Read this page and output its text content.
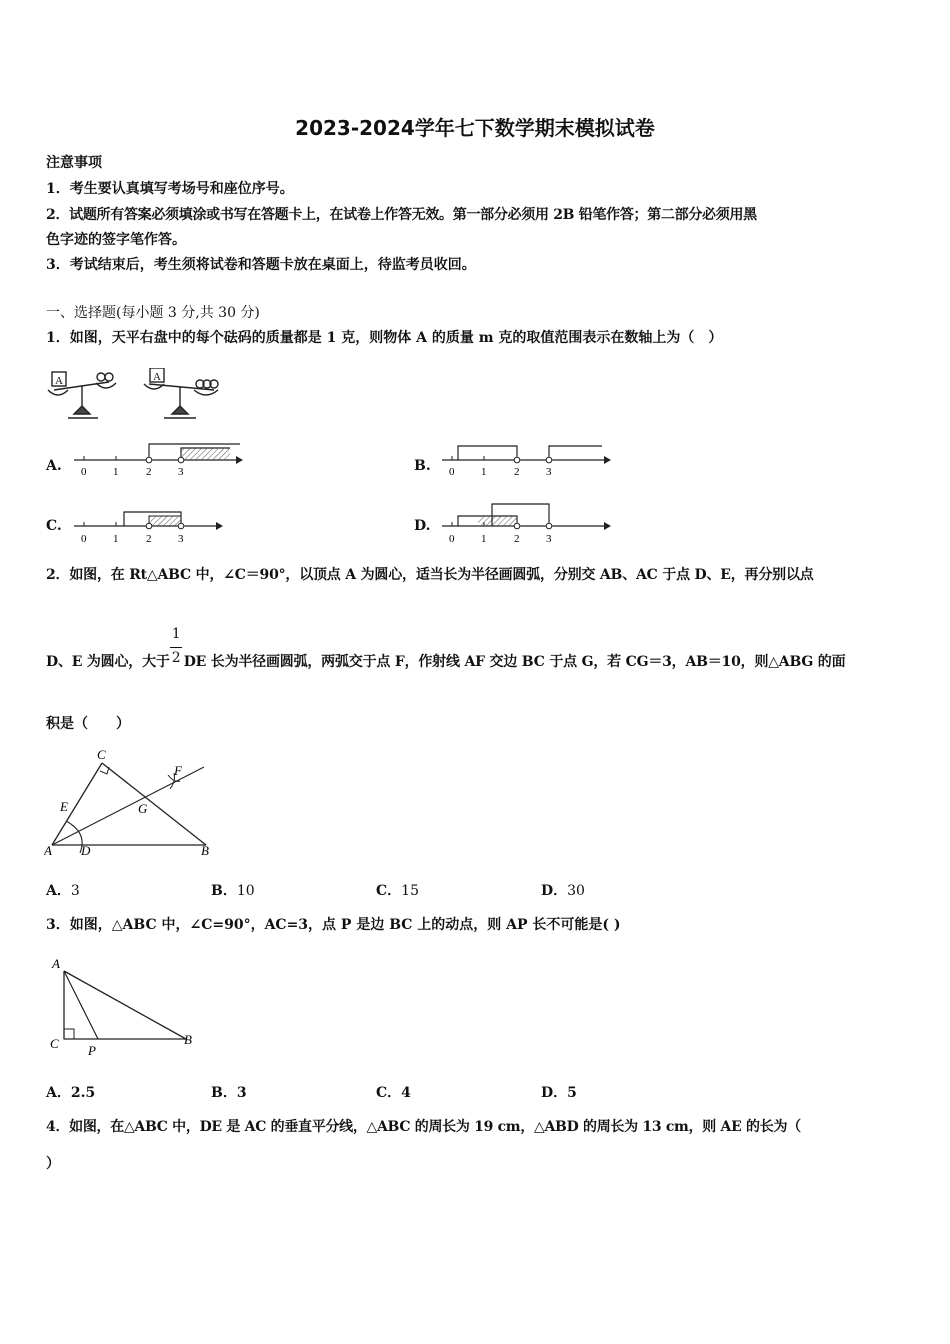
2023-2024学年七下数学期末模拟试卷
注意事项
1．考生要认真填写考场号和座位序号。
2．试题所有答案必须填涂或书写在答题卡上，在试卷上作答无效。第一部分必须用 2B 铅笔作答；第二部分必须用黑
色字迹的签字笔作答。
3．考试结束后，考生须将试卷和答题卡放在桌面上，待监考员收回。
一、选择题(每小题 3 分,共 30 分)
1．如图，天平右盘中的每个砝码的质量都是 1 克，则物体 A 的质量 m 克的取值范围表示在数轴上为（　）
A	A
A.	B.
C.	D.
0 1	2 3	0 1	2 3
0 1	2 3	0 1	2 3
2．如图，在 Rt△ABC 中，∠C＝90°，以顶点 A 为圆心，适当长为半径画圆弧，分别交 AB、AC 于点 D、E，再分别以点
D、E 为圆心，大于 $\frac{1}{2}$ DE 长为半径画圆弧，两弧交于点 F，作射线 AF 交边 BC 于点 G，若 CG＝3，AB＝10，则△ABG 的面
积是（　　）
C
F
E	G
A D	B
A．3	B．10	C．15	D．30
3．如图，△ABC 中，∠C=90°，AC=3，点 P 是边 BC 上的动点，则 AP 长不可能是( )
A
C P
B
A．2.5	B．3	C．4	D．5
4．如图，在△ABC 中，DE 是 AC 的垂直平分线，△ABC 的周长为 19 cm，△ABD 的周长为 13 cm，则 AE 的长为（
）
